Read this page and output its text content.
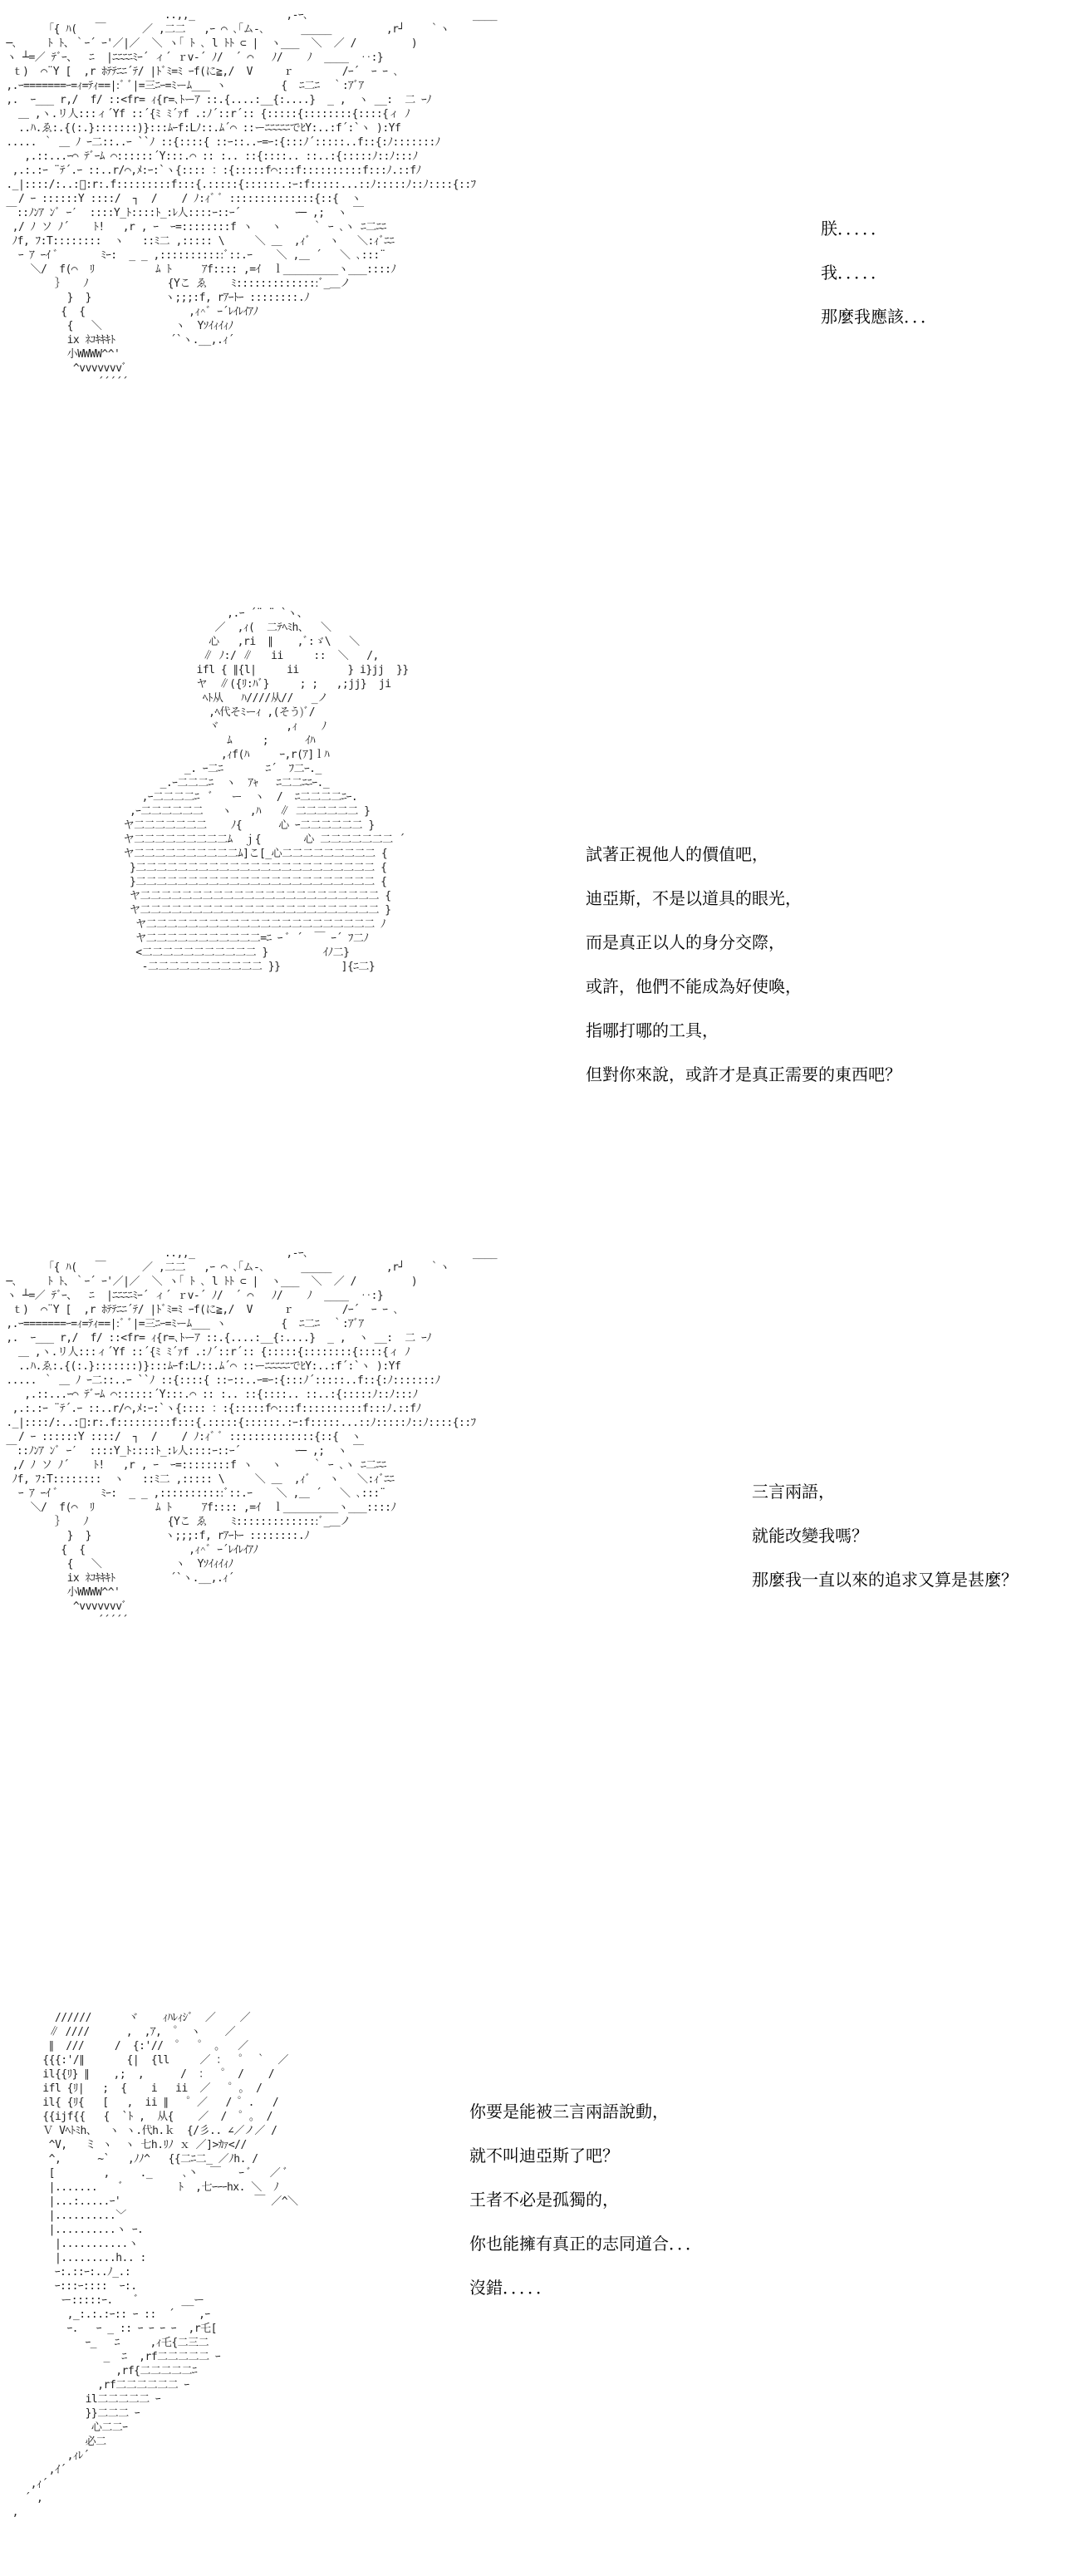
..,,_               ,-ｰ､                           ____
｢{ ﾊ(   ￣      ／ ,二二   ,ｰ ⌒ ､｢ム-､      _____         ,r┘    ｀ヽ
─､     ﾄ ﾄ、｀ｰ´ ｰ'／|／  ＼ ヽ｢ ﾄ ､ l ﾄﾄ ⊂ |  ヽ___  ＼  ／ /         )
ヽ ┴=／ ﾃﾞｰ、  ﾆ  |ﾆﾆﾆﾆﾐｰ´ ィ´ ｒv-´ ﾉ/  ´ ⌒   ﾉ/    ﾉ  ____  ‥:}
ｔ)  ⌒¨Y [  ,r ﾎﾃﾃﾆﾆ´ﾃ/ |ﾄﾞﾐ=ﾐ ｰf(に≧,/  V     ｒ        /ｰ´  ｰ ｰ ､
,.ｰ=======ｰ=ｨ=ﾃｨ==|:ﾞ ﾞ|=三ﾆｰ=ﾐーﾑ___ ヽ         {  ﾆ二ﾆ  ｀:ｱﾞｱ
,.  ｰ___ r,/  f/ ::<fr= ｨ{r=､ﾄーｱ ::.{....:__{:....}  _ ,  ヽ __:  二 ｰﾉ
＿ ,ヽ.リ人:::ィ´Yf ::´{ﾐ ﾐ´ｧf .:ﾉ´::r´:: {:::::{::::::::{::::{ィ ﾉ
..ﾊ.ゑ:.{(:.}:::::::)}:::ﾑｰf:Lﾉ::.ﾑ´⌒ ::ーﾆﾆﾆﾆﾆでﾋY:..:f´:`ヽ ):Yf
..... ｀ ＿ ﾉ ｰ二::..ｰ ``ﾉ ::{::::{ ::ｰ::..ｰ=ｰ:{:::ﾉ´:::::..f::{:ﾉ:::::::ﾉ
,.::...ｰ⌒ ﾃﾞｰﾑ ⌒::::::´Y:::.⌒ :: :.. ::{::::.. ::..:{:::::ﾉ::ﾉ:::ﾉ
,.:.:ｰ ¨ﾃ´.ｰ ::..r/⌒,ﾒ:ｰ:`ヽ{:::: ：:{:::::f⌒:::f::::::::::f:::ﾉ.::fﾉ
._|::::/:..:ﾞ:r:.f:::::::::f:::{.:::::{::::::.:ｰ:f:::::...::ﾉ:::::ﾉ::ﾉ::::{::ﾌ
/ ｰ ::::::Y ::::/  ┐  /    / ﾉ:ｨﾞ ﾞ ::::::::::::::{::{  ヽ
￣::ﾉﾝｱ ﾝﾞ ｰ′  ::::Y_ﾄ::::ﾄ_:ﾚ人::::ｰ::ｰ´         ｰ─ ,;  ヽ ￣
,/ ﾉ ソ ﾉ´    ﾄ!   ,r , ｰ  ｰ=::::::::f ヽ   ヽ     ｀ ｰ ､ヽ ﾆ二ﾆﾆ
ﾉf, ﾌ:T::::::::  ヽ   ::ﾐ二 ,::::: \     ＼ ＿  ,ｨﾞ   ヽ   ＼:ｨﾞﾆﾆ
ｰ ｱ ｰｲ ﾞ       ﾐｰ:  _ _ ,:::::::::::ﾞ::.ｰ    ＼ ,＿ ´   ＼ ､:::¨
＼/  f(⌒  ﾘ          ﾑ ﾄ     ｱf:::: ,=ｲ  ｌ_________ヽ___::::ﾉ
｝   ﾉ             {Yこ ゑ    ﾐ::::::::::::::ﾞ_＿ノ
}  }            ヽ;;;:f, rｱｰﾄｰ ::::::::.ﾉ
{  {                 ,ｨ^ﾞ ｰ´ﾚｲﾚｲｱﾉ
{   ＼            ヽ  Yｿｲｨｲｨﾉ
ix ﾈｺｷｷｷﾄ         ´`ヽ.__,.ｨ´
小WWWW^^'
^vvvvvvvﾞ
´´´´´
朕．．．．．
我．．．．．
那麼我應該．．．
,.ｰ ´¨ ¨ `ヽ、
／  ,ｨ(  二ﾃﾍﾐh、  ＼
心   ,ri  ∥    ,ﾞ:ゞ\   ＼
∥ ﾉ:/ ∥   ii     ::  ＼   /,
ifl { ∥{l|     ii        } i}jj  }}
ヤ  ∥({ﾘ:ﾊﾞ}     ; ;   ,;jj}  ji
ﾍﾄ从   ﾊ////从//   _ノ
,ﾍ代そﾐーｨ ,(そう)ﾞ/
ヾ           ,ｨ    ﾉ
ﾑ     ;      ｲﾊ
,ｨf(ﾊ     ｰ,r(ｱ]ｌﾊ
_. ｰ二ﾆ       ﾆ´  ﾌ二ｰ._
_.ｰ二二二ﾆ  ヽ  ｱｬ   ﾆ二二ﾆﾆｰ._
,ｰ二二二二ﾆ  ﾞ   ー  ヽ  /  ﾆ二二二二ﾆｰ.
,ｰ二二二二二二   ヽ   ,ﾊ   ∥ 二二二二二二 }
ヤ二二二二二二二    ﾉ{      心 ｰ二二二二二二 }
ヤ二二二二二二二二二ﾑ  ｊ{       心 二二二二二二二 ´
ヤ二二二二二二二二二二ﾑ]こ[_心二二二二二二二二二 {
}二二二二二二二二二二二二二二二二二二二二二二二 {
}二二二二二二二二二二二二二二二二二二二二二二二 {
ヤ二二二二二二二二二二二二二二二二二二二二二二二 {
ヤ二二二二二二二二二二二二二二二二二二二二二二二 }
ヤ二二二二二二二二二二二二二二二二二二二二二二 ﾉ
ヤ二二二二二二二二二二二=ﾆ ｰ ﾞ ´  ￣ ｰ´ ﾌ二ﾉ
<二二二二二二二二二二二 }         ｲﾉ二}
‐二二二二二二二二二二二 }}          ]{ﾆ二}
試著正視他人的價值吧，
迪亞斯，不是以道具的眼光，
而是真正以人的身分交際，
或許，他們不能成為好使喚，
指哪打哪的工具，
但對你來說，或許才是真正需要的東西吧？
..,,_               ,-ｰ､                           ____
｢{ ﾊ(   ￣      ／ ,二二   ,ｰ ⌒ ､｢ム-､      _____         ,r┘    ｀ヽ
─､     ﾄ ﾄ、｀ｰ´ ｰ'／|／  ＼ ヽ｢ ﾄ ､ l ﾄﾄ ⊂ |  ヽ___  ＼  ／ /         )
ヽ ┴=／ ﾃﾞｰ、  ﾆ  |ﾆﾆﾆﾆﾐｰ´ ィ´ ｒv-´ ﾉ/  ´ ⌒   ﾉ/    ﾉ  ____  ‥:}
ｔ)  ⌒¨Y [  ,r ﾎﾃﾃﾆﾆ´ﾃ/ |ﾄﾞﾐ=ﾐ ｰf(に≧,/  V     ｒ        /ｰ´  ｰ ｰ ､
,.ｰ=======ｰ=ｨ=ﾃｨ==|:ﾞ ﾞ|=三ﾆｰ=ﾐーﾑ___ ヽ         {  ﾆ二ﾆ  ｀:ｱﾞｱ
,.  ｰ___ r,/  f/ ::<fr= ｨ{r=､ﾄーｱ ::.{....:__{:....}  _ ,  ヽ __:  二 ｰﾉ
＿ ,ヽ.リ人:::ィ´Yf ::´{ﾐ ﾐ´ｧf .:ﾉ´::r´:: {:::::{::::::::{::::{ィ ﾉ
..ﾊ.ゑ:.{(:.}:::::::)}:::ﾑｰf:Lﾉ::.ﾑ´⌒ ::ーﾆﾆﾆﾆﾆでﾋY:..:f´:`ヽ ):Yf
..... ｀ ＿ ﾉ ｰ二::..ｰ ``ﾉ ::{::::{ ::ｰ::..ｰ=ｰ:{:::ﾉ´:::::..f::{:ﾉ:::::::ﾉ
,.::...ｰ⌒ ﾃﾞｰﾑ ⌒::::::´Y:::.⌒ :: :.. ::{::::.. ::..:{:::::ﾉ::ﾉ:::ﾉ
,.:.:ｰ ¨ﾃ´.ｰ ::..r/⌒,ﾒ:ｰ:`ヽ{:::: ：:{:::::f⌒:::f::::::::::f:::ﾉ.::fﾉ
._|::::/:..:ﾞ:r:.f:::::::::f:::{.:::::{::::::.:ｰ:f:::::...::ﾉ:::::ﾉ::ﾉ::::{::ﾌ
/ ｰ ::::::Y ::::/  ┐  /    / ﾉ:ｨﾞ ﾞ ::::::::::::::{::{  ヽ
￣::ﾉﾝｱ ﾝﾞ ｰ′  ::::Y_ﾄ::::ﾄ_:ﾚ人::::ｰ::ｰ´         ｰ─ ,;  ヽ ￣
,/ ﾉ ソ ﾉ´    ﾄ!   ,r , ｰ  ｰ=::::::::f ヽ   ヽ     ｀ ｰ ､ヽ ﾆ二ﾆﾆ
ﾉf, ﾌ:T::::::::  ヽ   ::ﾐ二 ,::::: \     ＼ ＿  ,ｨﾞ   ヽ   ＼:ｨﾞﾆﾆ
ｰ ｱ ｰｲ ﾞ       ﾐｰ:  _ _ ,:::::::::::ﾞ::.ｰ    ＼ ,＿ ´   ＼ ､:::¨
＼/  f(⌒  ﾘ          ﾑ ﾄ     ｱf:::: ,=ｲ  ｌ_________ヽ___::::ﾉ
｝   ﾉ             {Yこ ゑ    ﾐ::::::::::::::ﾞ_＿ノ
}  }            ヽ;;;:f, rｱｰﾄｰ ::::::::.ﾉ
{  {                 ,ｨ^ﾞ ｰ´ﾚｲﾚｲｱﾉ
{   ＼            ヽ  Yｿｲｨｲｨﾉ
ix ﾈｺｷｷｷﾄ         ´`ヽ.__,.ｨ´
小WWWW^^'
^vvvvvvvﾞ
´´´´´
三言兩語，
就能改變我嗎？
那麼我一直以來的追求又算是甚麼？
//////      ヾ    ｨﾊﾚｨｼﾞ  ／    ／
∥ ////      ,  ,ｱ,  ゜ ヽ    ／
∥  ///     /  {:'//  ゜  ゜ ｡   ／
{{{:'/∥       {|  {ll     ／ ：  ゜ ｀  ／
il{{ﾘ} ∥    ,;  ,      /  ：  ゜ /    /
ifl {ﾘ|   ;  {    i   ii  ／   ゜｡  /
il{ {ﾘ{   [   ,  ii ∥   ゜／   / ゜.   /
{{ijf{{   {  `ﾄ ,  从{    ／  /  ゜｡  /
Ｖ Vﾍﾄﾐh、  ヽ ヽ.代h.ｋ  {/彡.. ∠／ノ／ /
^V,   ミ ヽ  ヽ 七h.ﾘﾉ ｘ ／]>ｶｧ<//
^,      ~`   ,ﾉﾉ^   {{二ﾆ二_ ／ﾉh. /
[        ,     ._     ､丶  ￣   ｰ ﾞ   ／ ﾞ
|.......    ﾞ         ﾄ  ,七ｰｰｰhx. ＼  ﾉ
|...:.....ｰ'                      ￣ ／^＼
|..........﹀
|..........ヽ ｰ.
|...........ヽ
|.........h.. :
ｰ:.::ｰ:..ﾉ_.:
ｰ:::ｰ::::  ｰ:.
ー:::::ｰ.    ﾞ       __ー
,_:.:.:ｰ:: ｰ ::  ´    ,ｰ
ｰ.   ｰ _ :: ｰ ｰ ｰ ｰ  ,r乇[
ｰ_   ﾆ     ,ｨ乇{二三二
_  ﾆ  ,rf二二二二二 ｰ
,rf{二二二二二ﾆ
,rf二二二二二二 ｰ
il二二二二二 ｰ
}}二二二 ｰ
心二二ｰ
必二
,ｨﾚ´
,ｲ´
,ｨ´
´ ,
,
你要是能被三言兩語說動，
就不叫迪亞斯了吧？
王者不必是孤獨的，
你也能擁有真正的志同道合．．．
沒錯．．．．．
